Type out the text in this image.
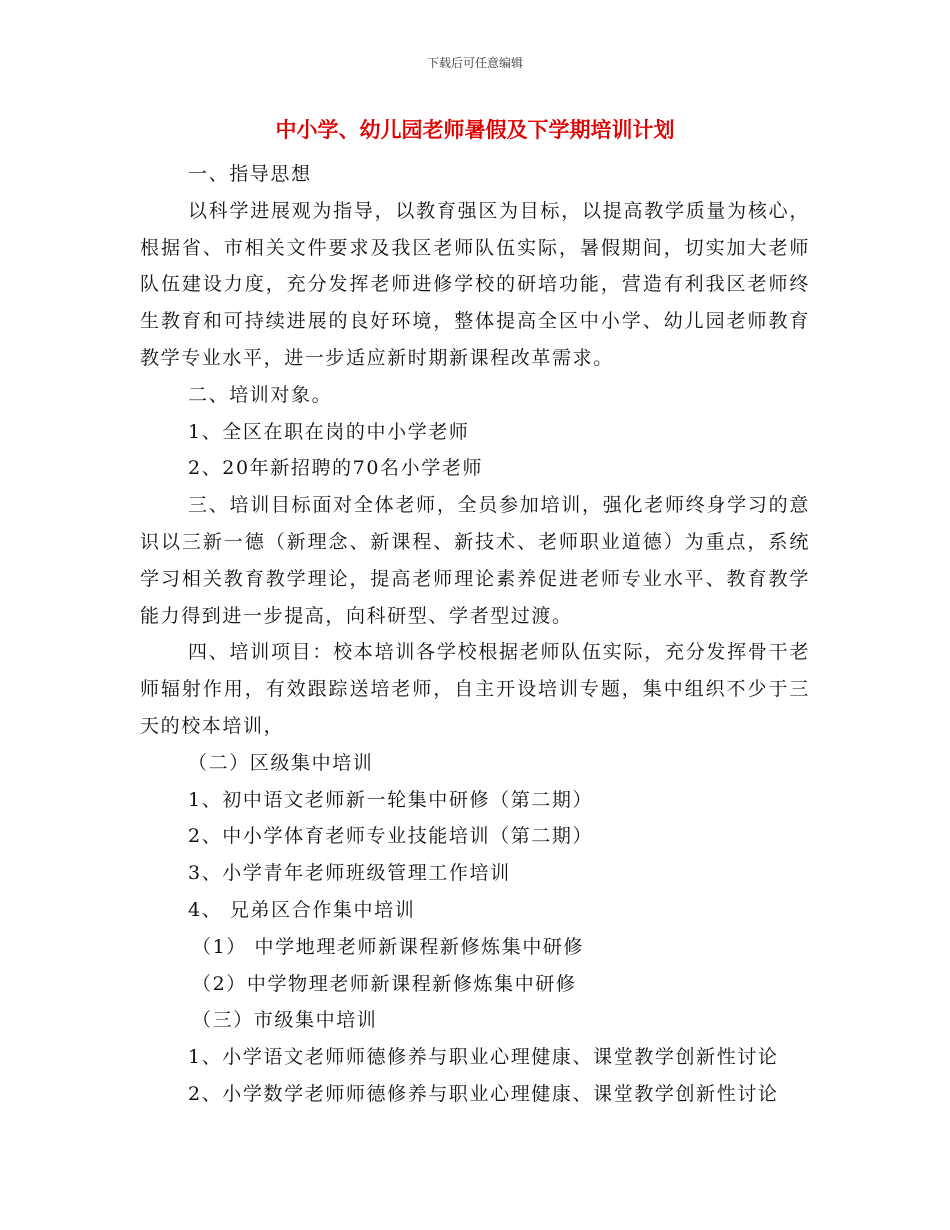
下载后可任意编辑
中小学、幼儿园老师暑假及下学期培训计划

一、指导思想

以科学进展观为指导，以教育强区为目标，以提高教学质量为核心，根据省、市相关文件要求及我区老师队伍实际，暑假期间，切实加大老师队伍建设力度，充分发挥老师进修学校的研培功能，营造有利我区老师终生教育和可持续进展的良好环境，整体提高全区中小学、幼儿园老师教育教学专业水平，进一步适应新时期新课程改革需求。

二、培训对象。

1、全区在职在岗的中小学老师

2、20年新招聘的70名小学老师

三、培训目标面对全体老师，全员参加培训，强化老师终身学习的意识以三新一德（新理念、新课程、新技术、老师职业道德）为重点，系统学习相关教育教学理论，提高老师理论素养促进老师专业水平、教育教学能力得到进一步提高，向科研型、学者型过渡。

四、培训项目：校本培训各学校根据老师队伍实际，充分发挥骨干老师辐射作用，有效跟踪送培老师，自主开设培训专题，集中组织不少于三天的校本培训，

（二）区级集中培训

1、初中语文老师新一轮集中研修（第二期）

2、中小学体育老师专业技能培训（第二期）

3、小学青年老师班级管理工作培训

4、 兄弟区合作集中培训

（1） 中学地理老师新课程新修炼集中研修

（2）中学物理老师新课程新修炼集中研修

（三）市级集中培训

1、小学语文老师师德修养与职业心理健康、课堂教学创新性讨论

2、小学数学老师师德修养与职业心理健康、课堂教学创新性讨论
